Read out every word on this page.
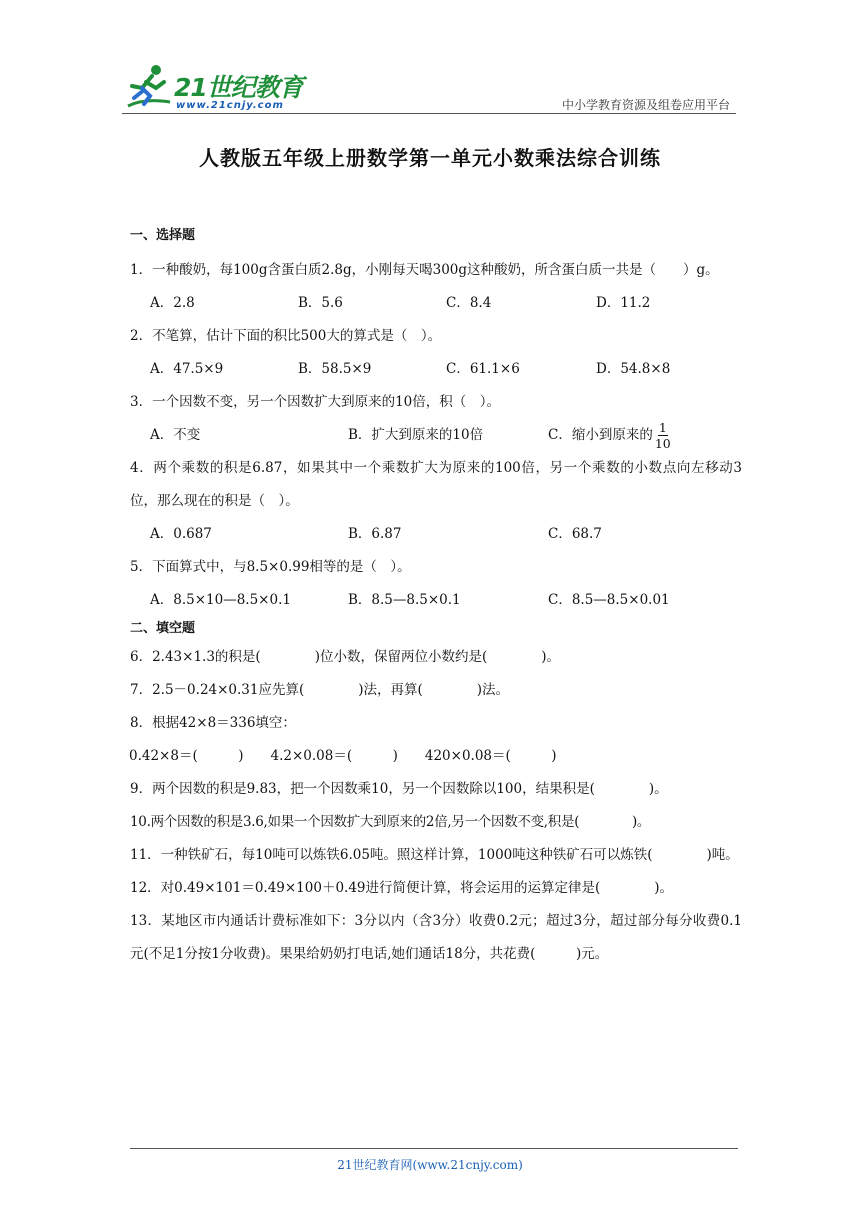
21世纪教育
www.21cnjy.com	中小学教育资源及组卷应用平台
人教版五年级上册数学第一单元小数乘法综合训练
一、选择题

1．一种酸奶，每100g含蛋白质2.8g，小刚每天喝300g这种酸奶，所含蛋白质一共是（　　）g。

A．2.8	B．5.6	C．8.4	D．11.2

2．不笔算，估计下面的积比500大的算式是（　）。

A．47.5×9	B．58.5×9	C．61.1×6	D．54.8×8

3．一个因数不变，另一个因数扩大到原来的10倍，积（　）。

A．不变	B．扩大到原来的10倍	C．缩小到原来的 $\frac{1}{10}$

4．两个乘数的积是6.87，如果其中一个乘数扩大为原来的100倍，另一个乘数的小数点向左移动3位，那么现在的积是（　）。

A．0.687	B．6.87	C．68.7

5．下面算式中，与8.5×0.99相等的是（　）。

A．8.5×10—8.5×0.1	B．8.5—8.5×0.1	C．8.5—8.5×0.01
二、填空题

6．2.43×1.3的积是(　　　　)位小数，保留两位小数约是(　　　　)。

7．2.5－0.24×0.31应先算(　　　　)法，再算(　　　　)法。

8．根据42×8＝336填空：

0.42×8＝(　　　)　　4.2×0.08＝(　　　)　　420×0.08＝(　　　)

9．两个因数的积是9.83，把一个因数乘10，另一个因数除以100，结果积是(　　　　)。

10.两个因数的积是3.6,如果一个因数扩大到原来的2倍,另一个因数不变,积是(　　　　)。

11．一种铁矿石，每10吨可以炼铁6.05吨。照这样计算，1000吨这种铁矿石可以炼铁(　　　　)吨。

12．对0.49×101＝0.49×100＋0.49进行简便计算，将会运用的运算定律是(　　　　)。

13．某地区市内通话计费标准如下：3分以内（含3分）收费0.2元；超过3分，超过部分每分收费0.1元(不足1分按1分收费)。果果给奶奶打电话,她们通话18分，共花费(　　　)元。

21世纪教育网(www.21cnjy.com)
